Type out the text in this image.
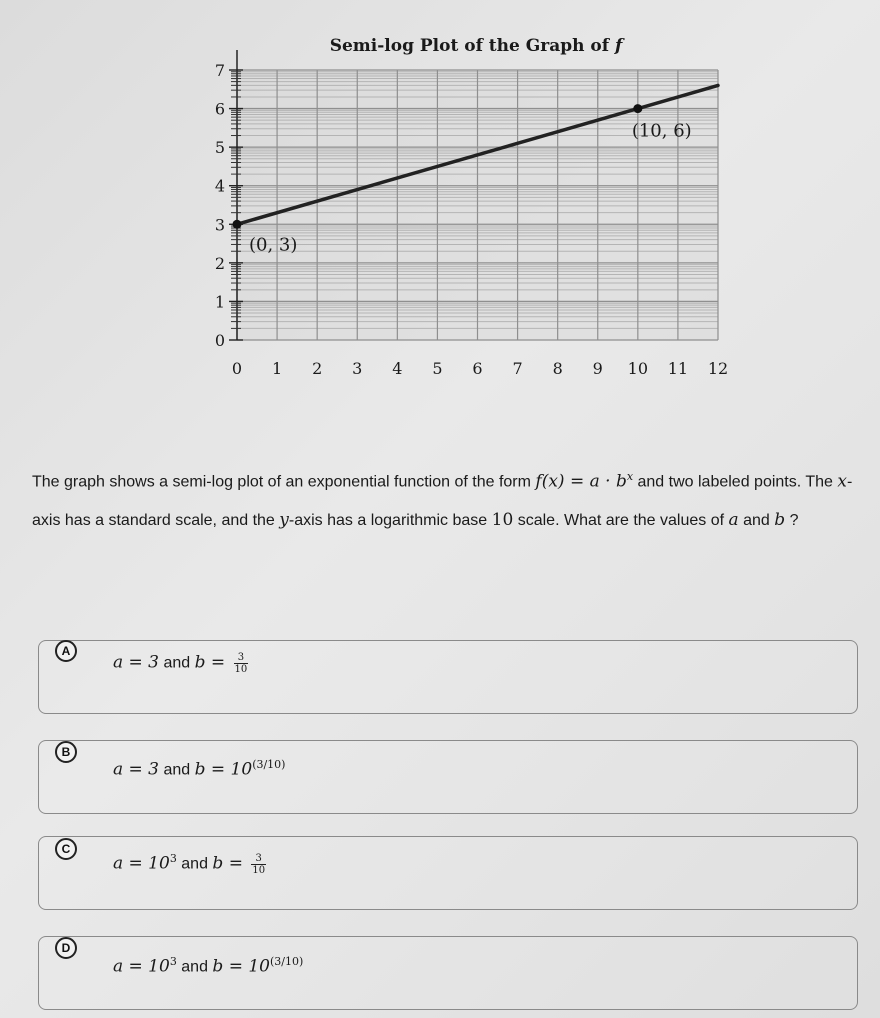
Semi-log Plot of the Graph of f
0
1
2
3
4
5
6
7
0 1 2 3 4 5 6 7 8 9 10 11 12
(0, 3)
(10, 6)
The graph shows a semi-log plot of an exponential function of the form $f(x) = a \cdot b^x$ and two labeled points. The x-axis has a standard scale, and the y-axis has a logarithmic base 10 scale. What are the values of a and b ?
A
a = 3 and $b = \frac{3}{10}$
B
a = 3 and $b = 10^{(3/10)}$
C
$a = 10^3$ and $b = \frac{3}{10}$
D
$a = 10^3$ and $b = 10^{(3/10)}$
